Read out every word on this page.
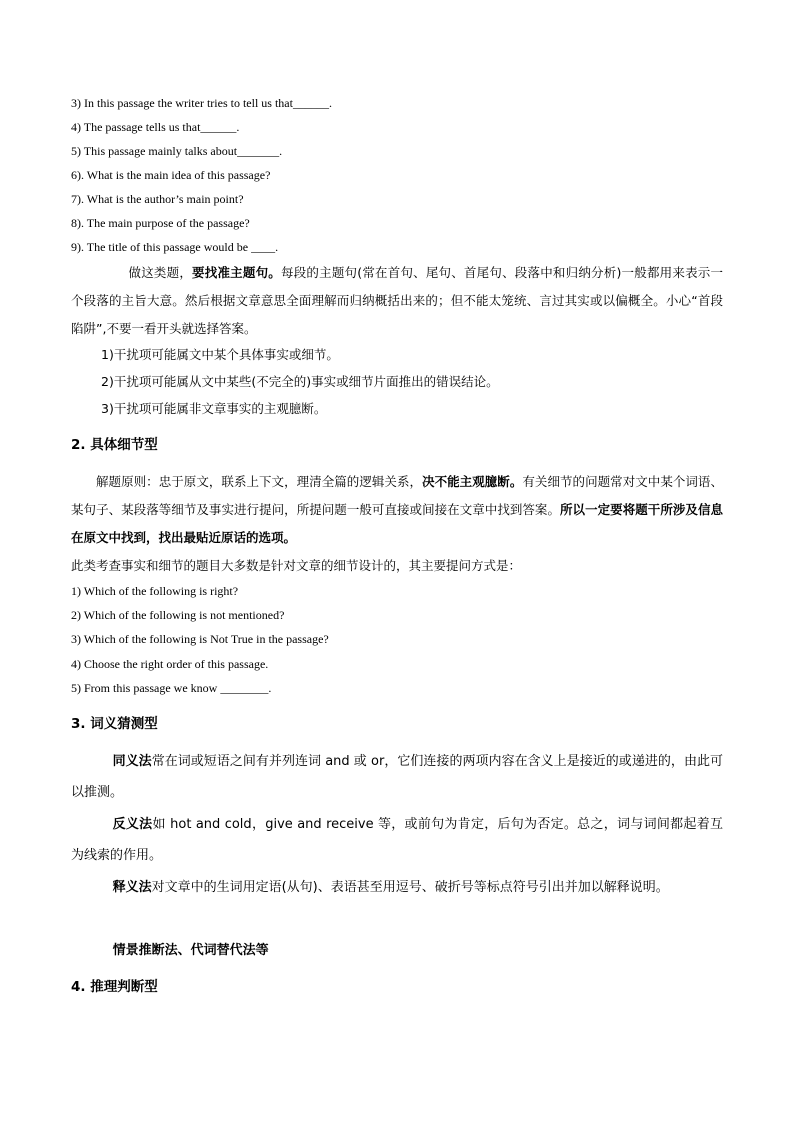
3) In this passage the writer tries to tell us that______.
4) The passage tells us that______.
5) This passage mainly talks about_______.
6). What is the main idea of this passage?
7). What is the author’s main point?
8). The main purpose of the passage?
9). The title of this passage would be ____.
做这类题，要找准主题句。每段的主题句(常在首句、尾句、首尾句、段落中和归纳分析)一般都用来表示一个段落的主旨大意。然后根据文章意思全面理解而归纳概括出来的；但不能太笼统、言过其实或以偏概全。小心“首段陷阱”,不要一看开头就选择答案。
1)干扰项可能属文中某个具体事实或细节。
2)干扰项可能属从文中某些(不完全的)事实或细节片面推出的错误结论。
3)干扰项可能属非文章事实的主观臆断。
2. 具体细节型
解题原则：忠于原文，联系上下文，理清全篇的逻辑关系，决不能主观臆断。有关细节的问题常对文中某个词语、某句子、某段落等细节及事实进行提问，所提问题一般可直接或间接在文章中找到答案。所以一定要将题干所涉及信息在原文中找到，找出最贴近原话的选项。
此类考查事实和细节的题目大多数是针对文章的细节设计的，其主要提问方式是：
1) Which of the following is right?
2) Which of the following is not mentioned?
3) Which of the following is Not True in the passage?
4) Choose the right order of this passage.
5) From this passage we know ________.
3. 词义猜测型
同义法常在词或短语之间有并列连词 and 或 or，它们连接的两项内容在含义上是接近的或递进的，由此可以推测。
反义法如 hot and cold，give and receive 等，或前句为肯定，后句为否定。总之，词与词间都起着互为线索的作用。
释义法对文章中的生词用定语(从句)、表语甚至用逗号、破折号等标点符号引出并加以解释说明。
情景推断法、代词替代法等
4. 推理判断型
